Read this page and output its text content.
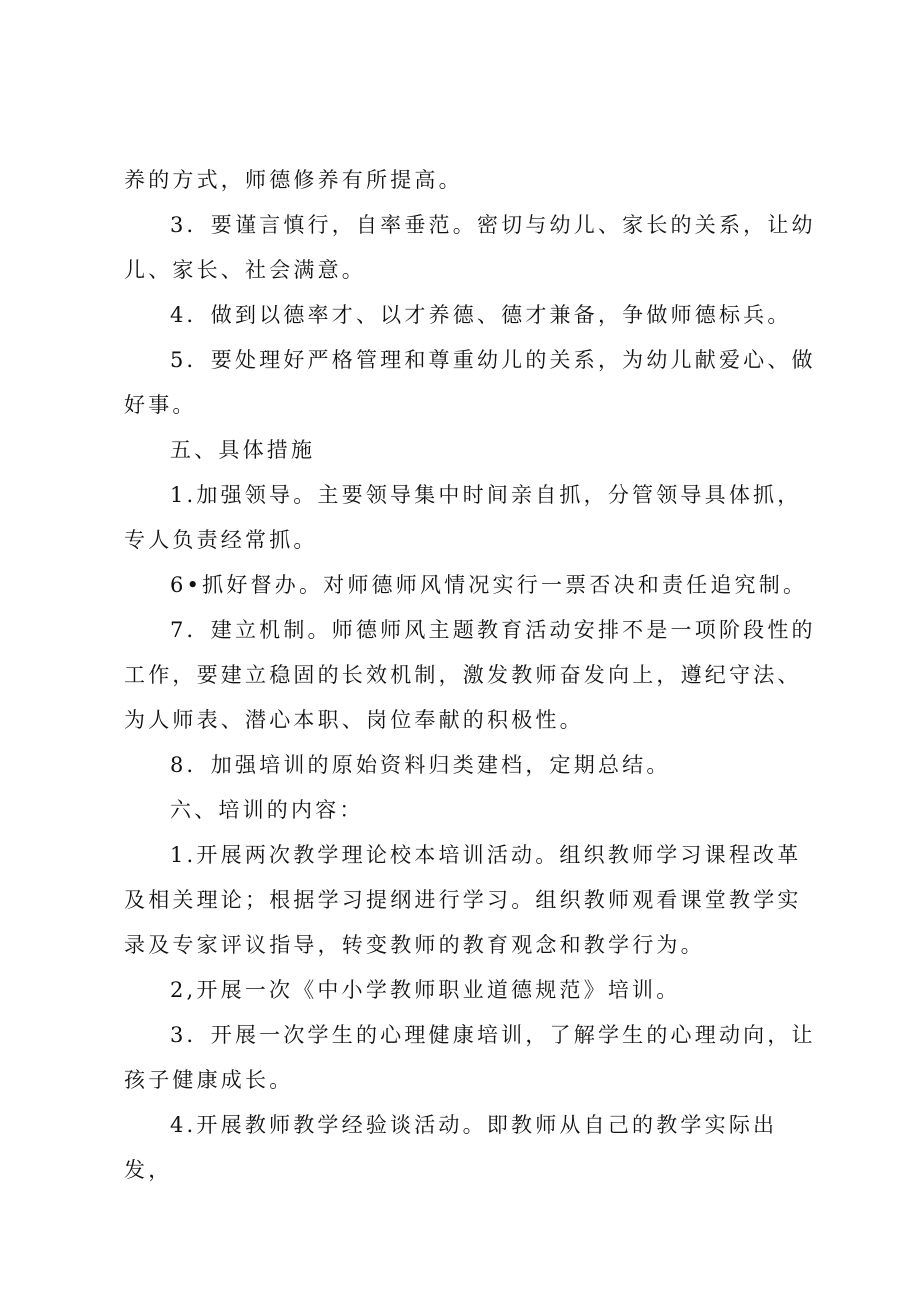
养的方式，师德修养有所提高。

3．要谨言慎行，自率垂范。密切与幼儿、家长的关系，让幼儿、家长、社会满意。

4．做到以德率才、以才养德、德才兼备，争做师德标兵。

5．要处理好严格管理和尊重幼儿的关系，为幼儿献爱心、做好事。

五、具体措施

1.加强领导。主要领导集中时间亲自抓，分管领导具体抓，专人负责经常抓。

6•抓好督办。对师德师风情况实行一票否决和责任追究制。

7．建立机制。师德师风主题教育活动安排不是一项阶段性的工作，要建立稳固的长效机制，激发教师奋发向上，遵纪守法、为人师表、潜心本职、岗位奉献的积极性。

8．加强培训的原始资料归类建档，定期总结。

六、培训的内容：

1.开展两次教学理论校本培训活动。组织教师学习课程改革及相关理论；根据学习提纲进行学习。组织教师观看课堂教学实录及专家评议指导，转变教师的教育观念和教学行为。

2,开展一次《中小学教师职业道德规范》培训。

3．开展一次学生的心理健康培训，了解学生的心理动向，让孩子健康成长。

4.开展教师教学经验谈活动。即教师从自己的教学实际出发，
